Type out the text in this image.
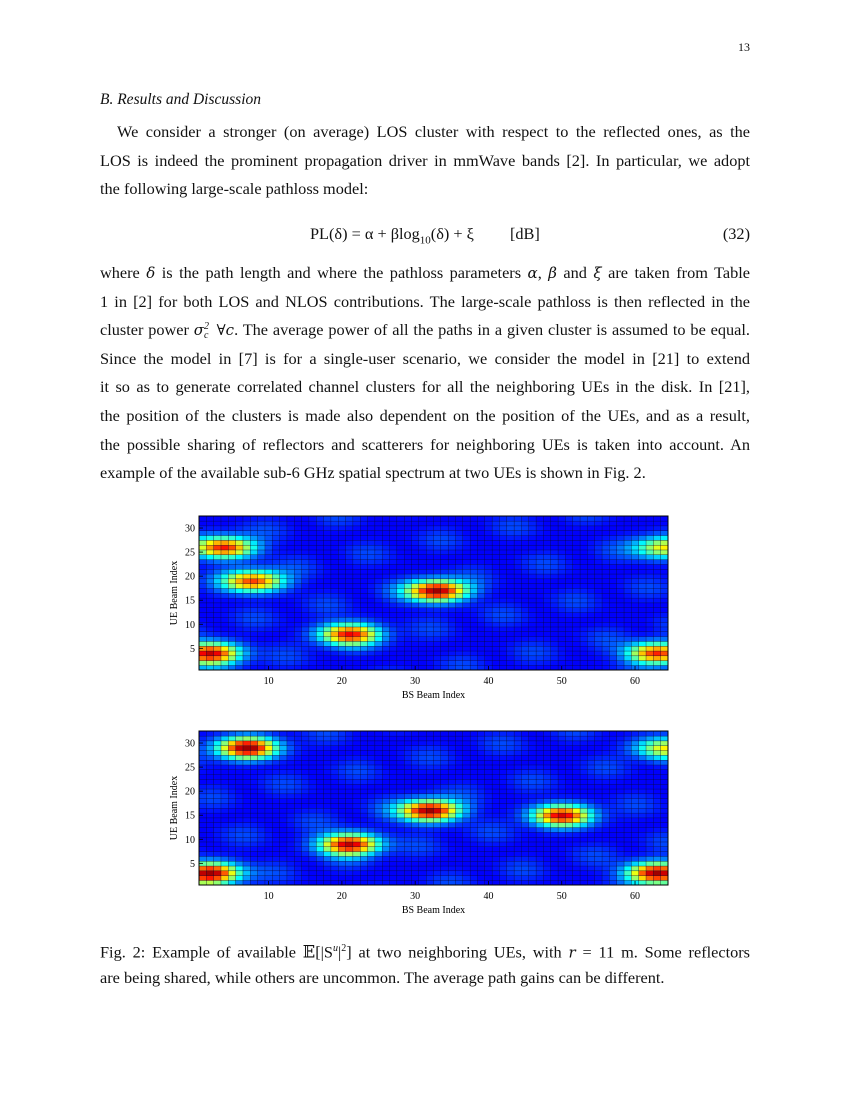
13
B. Results and Discussion
We consider a stronger (on average) LOS cluster with respect to the reflected ones, as the
LOS is indeed the prominent propagation driver in mmWave bands [2]. In particular, we adopt
the following large-scale pathloss model:
PL(δ) = α + βlog$_{10}$(δ) + ξ [dB]	(32)
where δ is the path length and where the pathloss parameters α, β and ξ are taken from Table
1 in [2] for both LOS and NLOS contributions. The large-scale pathloss is then reflected in the
cluster power σ 2
c ∀c. The average power of all the paths in a given cluster is assumed to be equal.
Since the model in [7] is for a single-user scenario, we consider the model in [21] to extend
it so as to generate correlated channel clusters for all the neighboring UEs in the disk. In [21],
the position of the clusters is made also dependent on the position of the UEs, and as a result,
the possible sharing of reflectors and scatterers for neighboring UEs is taken into account. An
example of the available sub-6 GHz spatial spectrum at two UEs is shown in Fig. 2.
10	20	30	40	50	60
5
10
15
20
25
30
BS Beam Index
UE Beam Index
10	20	30	40	50	60
5
10
15
20
25
30
BS Beam Index
UE Beam Index
Fig. 2: Example of available $𝔼[|S^u|^2]$ at two neighboring UEs, with r = 11 m. Some reflectors
are being shared, while others are uncommon. The average path gains can be different.
